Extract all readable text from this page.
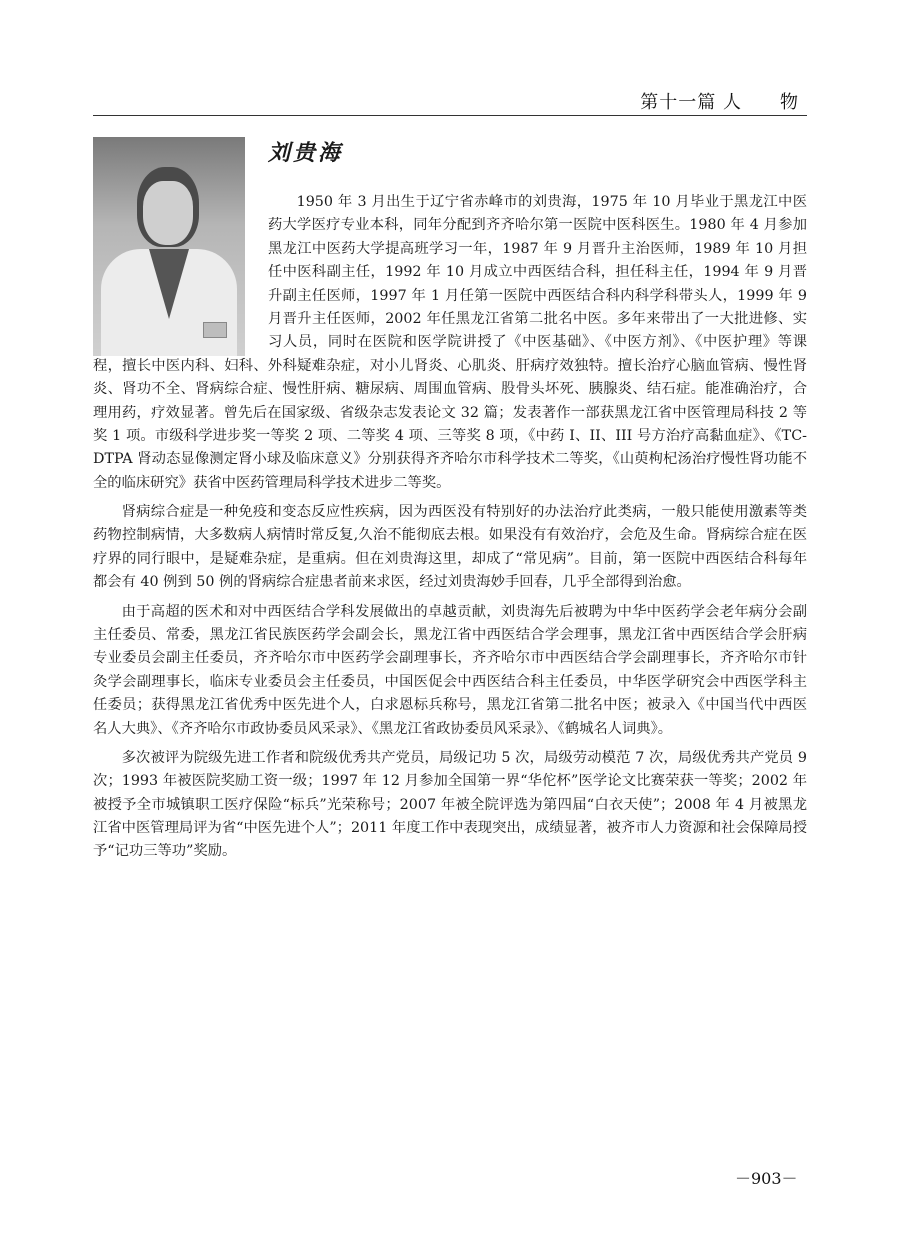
第十一篇 人　　物
刘贵海

1950 年 3 月出生于辽宁省赤峰市的刘贵海，1975 年 10 月毕业于黑龙江中医药大学医疗专业本科，同年分配到齐齐哈尔第一医院中医科医生。1980 年 4 月参加黑龙江中医药大学提高班学习一年，1987 年 9 月晋升主治医师，1989 年 10 月担任中医科副主任，1992 年 10 月成立中西医结合科，担任科主任，1994 年 9 月晋升副主任医师，1997 年 1 月任第一医院中西医结合科内科学科带头人，1999 年 9 月晋升主任医师，2002 年任黑龙江省第二批名中医。多年来带出了一大批进修、实习人员，同时在医院和医学院讲授了《中医基础》、《中医方剂》、《中医护理》等课程，擅长中医内科、妇科、外科疑难杂症，对小儿肾炎、心肌炎、肝病疗效独特。擅长治疗心脑血管病、慢性肾炎、肾功不全、肾病综合症、慢性肝病、糖尿病、周围血管病、股骨头坏死、胰腺炎、结石症。能准确治疗，合理用药，疗效显著。曾先后在国家级、省级杂志发表论文 32 篇；发表著作一部获黑龙江省中医管理局科技 2 等奖 1 项。市级科学进步奖一等奖 2 项、二等奖 4 项、三等奖 8 项，《中药 I、II、III 号方治疗高黏血症》、《TC-DTPA 肾动态显像测定肾小球及临床意义》分别获得齐齐哈尔市科学技术二等奖，《山萸枸杞汤治疗慢性肾功能不全的临床研究》获省中医药管理局科学技术进步二等奖。

肾病综合症是一种免疫和变态反应性疾病，因为西医没有特别好的办法治疗此类病，一般只能使用激素等类药物控制病情，大多数病人病情时常反复,久治不能彻底去根。如果没有有效治疗，会危及生命。肾病综合症在医疗界的同行眼中，是疑难杂症，是重病。但在刘贵海这里，却成了“常见病”。目前，第一医院中西医结合科每年都会有 40 例到 50 例的肾病综合症患者前来求医，经过刘贵海妙手回春，几乎全部得到治愈。

由于高超的医术和对中西医结合学科发展做出的卓越贡献，刘贵海先后被聘为中华中医药学会老年病分会副主任委员、常委，黑龙江省民族医药学会副会长，黑龙江省中西医结合学会理事，黑龙江省中西医结合学会肝病专业委员会副主任委员，齐齐哈尔市中医药学会副理事长，齐齐哈尔市中西医结合学会副理事长，齐齐哈尔市针灸学会副理事长，临床专业委员会主任委员，中国医促会中西医结合科主任委员，中华医学研究会中西医学科主任委员；获得黑龙江省优秀中医先进个人，白求恩标兵称号，黑龙江省第二批名中医；被录入《中国当代中西医名人大典》、《齐齐哈尔市政协委员风采录》、《黑龙江省政协委员风采录》、《鹤城名人词典》。

多次被评为院级先进工作者和院级优秀共产党员，局级记功 5 次，局级劳动模范 7 次，局级优秀共产党员 9 次；1993 年被医院奖励工资一级；1997 年 12 月参加全国第一界“华佗杯”医学论文比赛荣获一等奖；2002 年被授予全市城镇职工医疗保险“标兵”光荣称号；2007 年被全院评选为第四届“白衣天使”；2008 年 4 月被黑龙江省中医管理局评为省“中医先进个人”；2011 年度工作中表现突出，成绩显著，被齐市人力资源和社会保障局授予“记功三等功”奖励。

－903－
